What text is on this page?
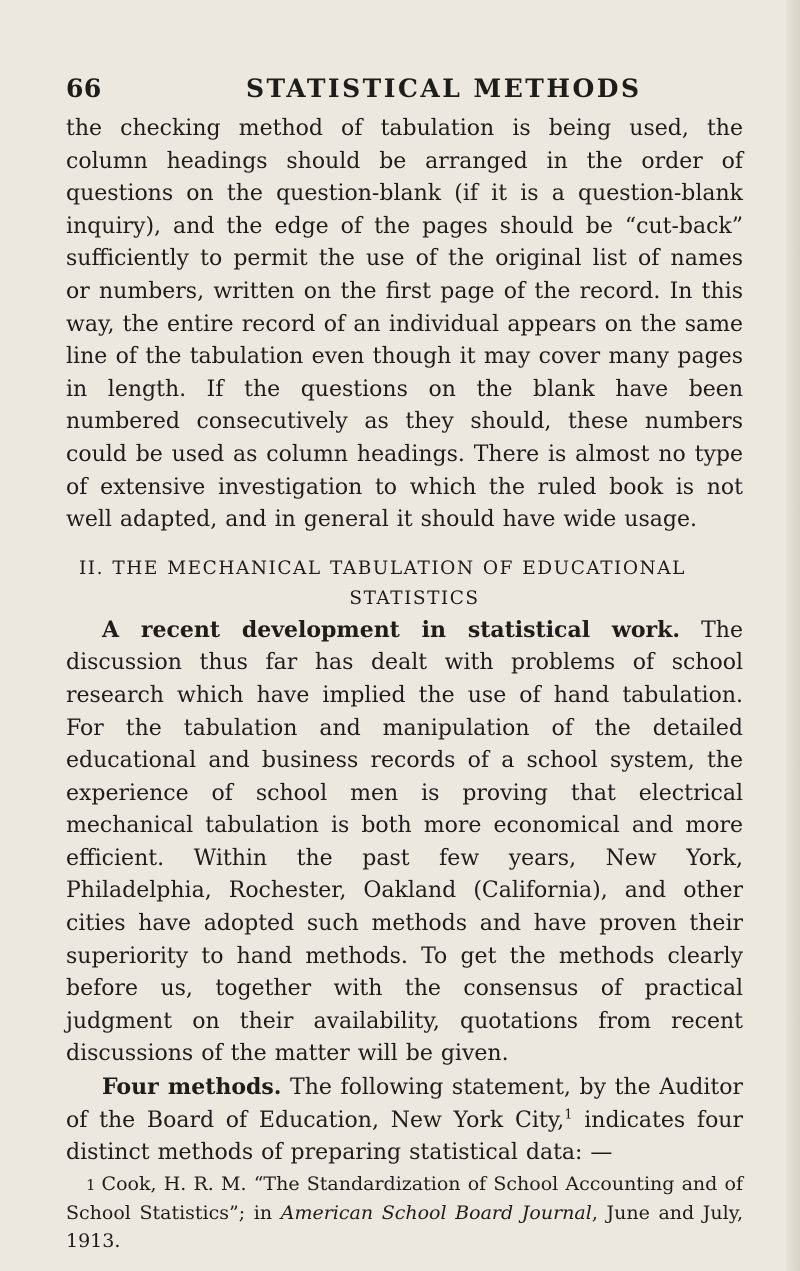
66	STATISTICAL METHODS

the checking method of tabulation is being used, the column headings should be arranged in the order of questions on the question-blank (if it is a question-blank inquiry), and the edge of the pages should be “cut-back” sufficiently to permit the use of the original list of names or numbers, written on the first page of the record. In this way, the entire record of an individual appears on the same line of the tabulation even though it may cover many pages in length. If the questions on the blank have been numbered consecutively as they should, these numbers could be used as column headings. There is almost no type of extensive investigation to which the ruled book is not well adapted, and in general it should have wide usage.

II. THE MECHANICAL TABULATION OF EDUCATIONAL
STATISTICS

A recent development in statistical work. The discussion thus far has dealt with problems of school research which have implied the use of hand tabulation. For the tabulation and manipulation of the detailed educational and business records of a school system, the experience of school men is proving that electrical mechanical tabulation is both more economical and more efficient. Within the past few years, New York, Philadelphia, Rochester, Oakland (California), and other cities have adopted such methods and have proven their superiority to hand methods. To get the methods clearly before us, together with the consensus of practical judgment on their availability, quotations from recent discussions of the matter will be given.

Four methods. The following statement, by the Auditor of the Board of Education, New York City,$^1$ indicates four distinct methods of preparing statistical data: —

1 Cook, H. R. M. “The Standardization of School Accounting and of School Statistics”; in American School Board Journal, June and July, 1913.
